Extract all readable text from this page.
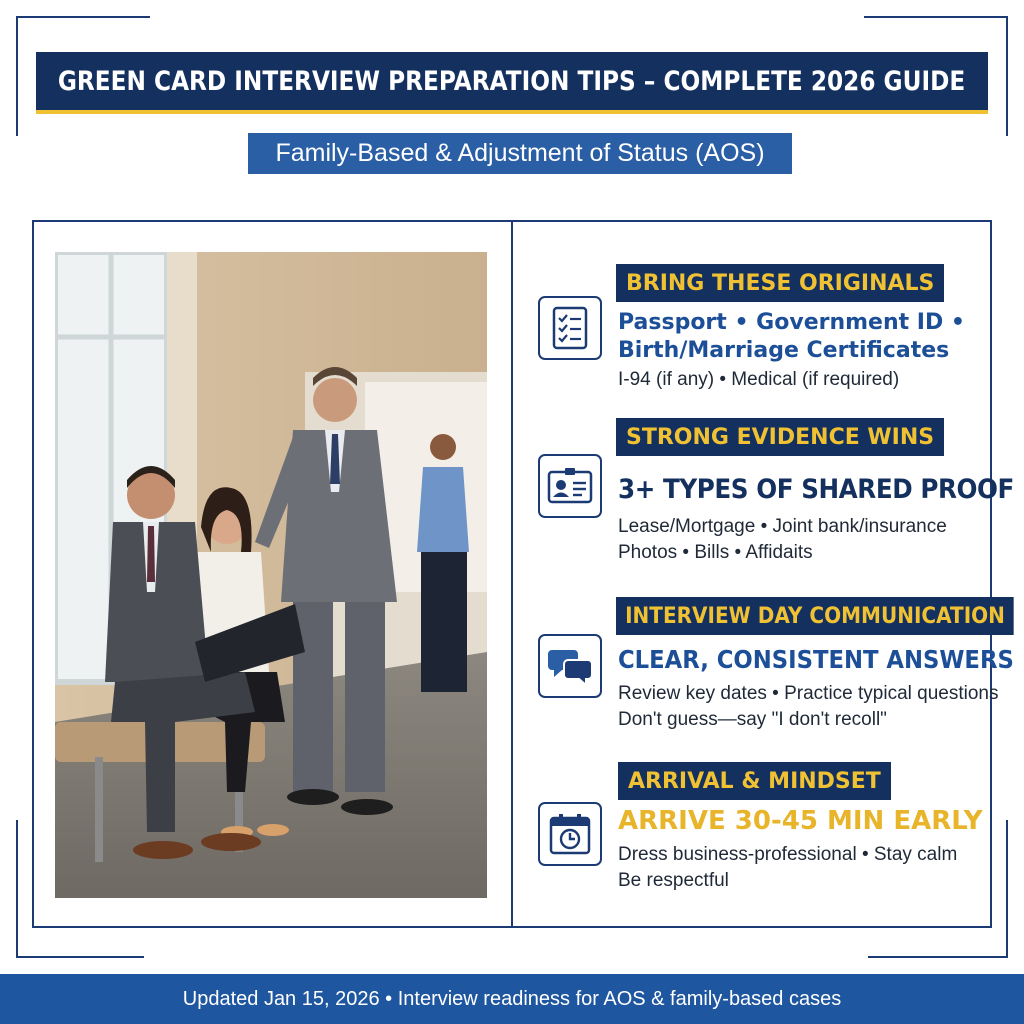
GREEN CARD INTERVIEW PREPARATION TIPS – COMPLETE 2026 GUIDE
Family-Based & Adjustment of Status (AOS)
BRING THESE ORIGINALS
Passport • Government ID •
Birth/Marriage Certificates
I-94 (if any) • Medical (if required)
STRONG EVIDENCE WINS
3+ TYPES OF SHARED PROOF
Lease/Mortgage • Joint bank/insurance
Photos • Bills • Affidaits
INTERVIEW DAY COMMUNICATION
CLEAR, CONSISTENT ANSWERS
Review key dates • Practice typical questions
Don't guess—say "I don't recoll"
ARRIVAL & MINDSET
ARRIVE 30-45 MIN EARLY
Dress business-professional • Stay calm
Be respectful
Updated Jan 15, 2026 • Interview readiness for AOS & family-based cases
